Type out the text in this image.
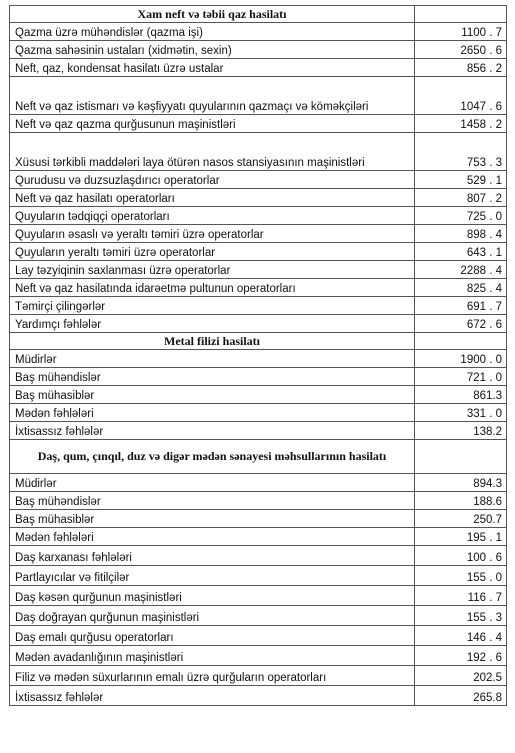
Xam neft və təbii qaz hasilatı	
Qazma üzrə mühəndislər (qazma işi)	1100 . 7
Qazma sahəsinin ustaları (xidmətin, sexin)	2650 . 6
Neft, qaz, kondensat hasilatı üzrə ustalar	856 . 2
Neft və qaz istismarı və kəşfiyyatı quyularının qazmaçı və köməkçiləri	1047 . 6
Neft və qaz qazma qurğusunun maşinistləri	1458 . 2
Xüsusi tərkibli maddələri laya ötürən nasos stansiyasının maşinistləri	753 . 3
Qurudusu və duzsuzlaşdırıcı operatorlar	529 . 1
Neft və qaz hasilatı operatorları	807 . 2
Quyuların tədqiqçi operatorları	725 . 0
Quyuların əsaslı və yeraltı təmiri üzrə operatorlar	898 . 4
Quyuların yeraltı təmiri üzrə operatorlar	643 . 1
Lay təzyiqinin saxlanması üzrə operatorlar	2288 . 4
Neft və qaz hasilatında idarəetmə pultunun operatorları	825 . 4
Təmirçi çilingərlər	691 . 7
Yardımçı fəhlələr	672 . 6
Metal filizi hasilatı	
Müdirlər	1900 . 0
Baş mühəndislər	721 . 0
Baş mühasiblər	861.3
Mədən fəhlələri	331 . 0
İxtisassız fəhlələr	138.2
Daş, qum, çınqıl, duz və digər mədən sənayesi məhsullarının hasilatı	
Müdirlər	894.3
Baş mühəndislər	188.6
Baş mühasiblər	250.7
Mədən fəhlələri	195 . 1
Daş karxanası fəhlələri	100 . 6
Partlayıcılar və fitilçilər	155 . 0
Daş kəsən qurğunun maşinistləri	116 . 7
Daş doğrayan qurğunun maşinistləri	155 . 3
Daş emalı qurğusu operatorları	146 . 4
Mədən avadanlığının maşinistləri	192 . 6
Filiz və mədən süxurlarının emalı üzrə qurğuların operatorları	202.5
İxtisassız fəhlələr	265.8
